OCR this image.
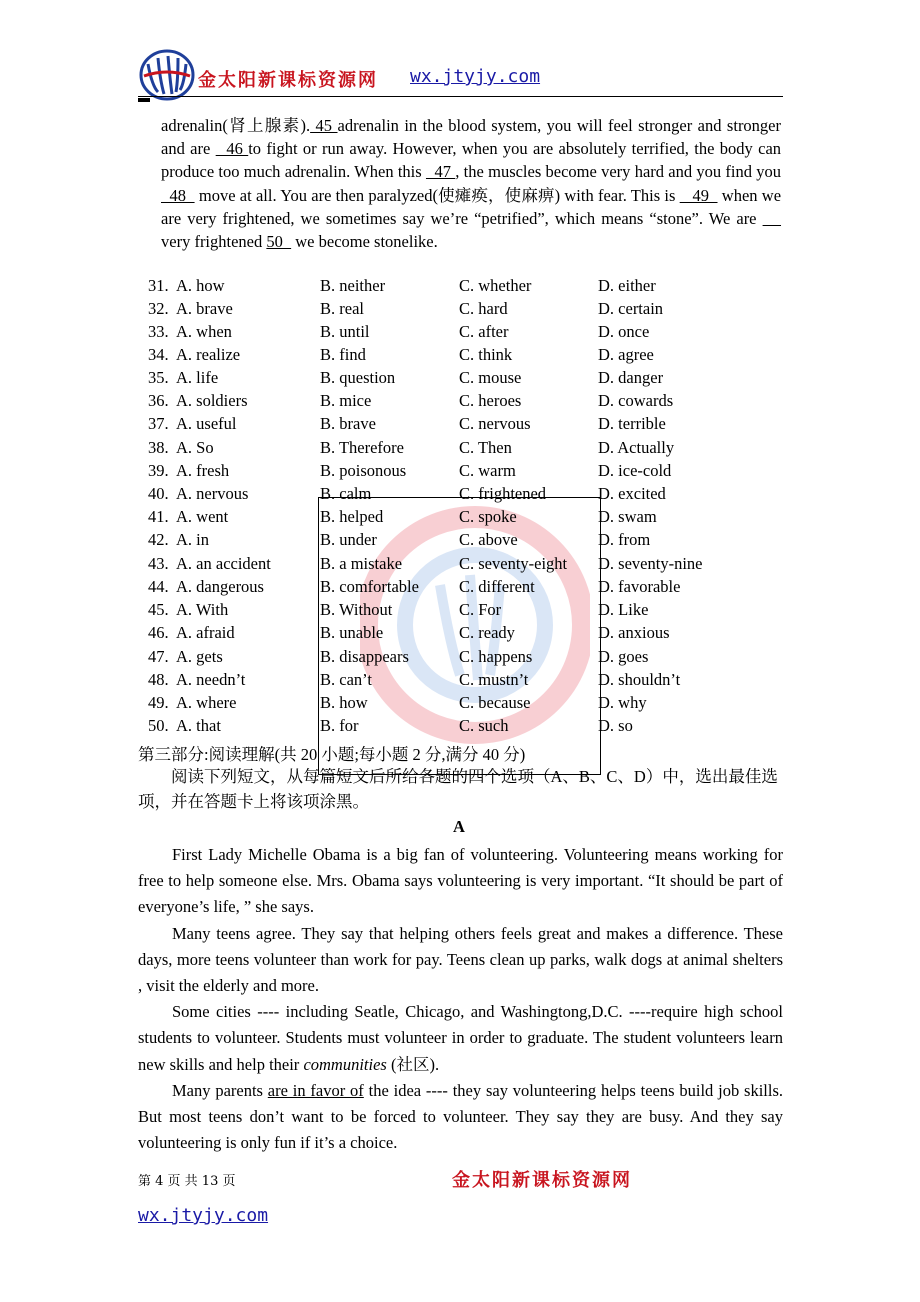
金太阳新课标资源网 wx.jtyjy.com
adrenalin(肾上腺素). 45 adrenalin in the blood system, you will feel stronger and stronger and are   46 to fight or run away. However, when you are absolutely terrified, the body can produce too much adrenalin. When this   47 , the muscles become very hard and you find you   48   move at all. You are then paralyzed(使瘫痪，使麻痹) with fear. This is    49   when we are very frightened, we sometimes say we’re “petrified”, which means “stone”. We are  _  very frightened 50   we become stonelike.
31. A. how	B. neither	C. whether	D. either
32. A. brave	B. real	C. hard	D. certain
33. A. when	B. until	C. after	D. once
34. A. realize	B. find	C. think	D. agree
35. A. life	B. question	C. mouse	D. danger
36. A. soldiers	B. mice	C. heroes	D. cowards
37. A. useful	B. brave	C. nervous	D. terrible
38. A. So	B. Therefore	C. Then	D. Actually
39. A. fresh	B. poisonous	C. warm	D. ice-cold
40. A. nervous	B. calm	C. frightened	D. excited
41. A. went	B. helped	C. spoke	D. swam
42. A. in	B. under	C. above	D. from
43. A. an accident	B. a mistake	C. seventy-eight D. seventy-nine
44. A. dangerous	B. comfortable C. different	D. favorable
45. A. With	B. Without	C. For	D. Like
46. A. afraid	B. unable	C. ready	D. anxious
47. A. gets	B. disappears	C. happens	D. goes
48. A. needn’t	B. can’t	C. mustn’t	D. shouldn’t
49. A. where	B. how	C. because	D. why
50. A. that	B. for	C. such	D. so
第三部分:阅读理解(共 20 小题;每小题 2 分,满分 40 分)
阅读下列短文，从每篇短文后所给各题的四个选项（A、B、C、D）中，选出最佳选项，并在答题卡上将该项涂黑。
A

First Lady Michelle Obama is a big fan of volunteering. Volunteering means working for free to help someone else. Mrs. Obama says volunteering is very important. “It should be part of everyone’s life, ” she says.

Many teens agree. They say that helping others feels great and makes a difference. These days, more teens volunteer than work for pay. Teens clean up parks, walk dogs at animal shelters , visit the elderly and more.

Some cities ---- including Seatle, Chicago, and Washingtong,D.C. ----require high school students to volunteer. Students must volunteer in order to graduate. The student volunteers learn new skills and help their communities (社区).

Many parents are in favor of the idea ---- they say volunteering helps teens build job skills. But most teens don’t want to be forced to volunteer. They say they are busy. And they say volunteering is only fun if it’s a choice.

第 4 页 共 13 页	金太阳新课标资源网
wx.jtyjy.com
